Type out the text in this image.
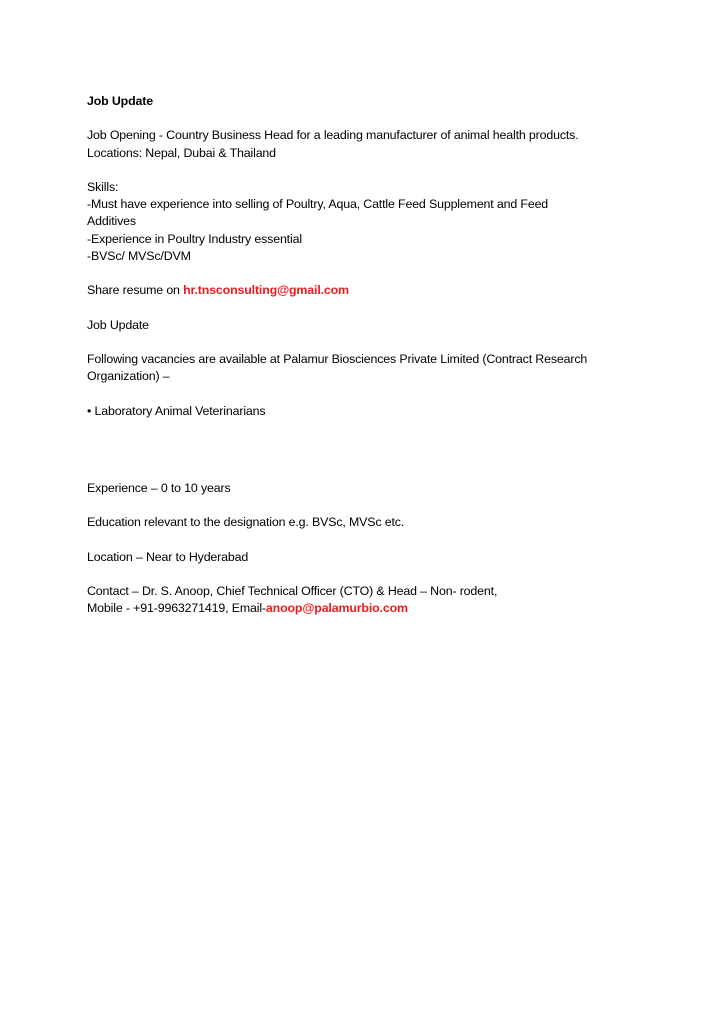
Job Update
Job Opening - Country Business Head for a leading manufacturer of animal health products.
Locations: Nepal, Dubai & Thailand
Skills:
-Must have experience into selling of Poultry, Aqua, Cattle Feed Supplement and Feed
Additives
-Experience in Poultry Industry essential
-BVSc/ MVSc/DVM
Share resume on hr.tnsconsulting@gmail.com
Job Update
Following vacancies are available at Palamur Biosciences Private Limited (Contract Research
Organization) –
• Laboratory Animal Veterinarians
Experience – 0 to 10 years
Education relevant to the designation e.g. BVSc, MVSc etc.
Location – Near to Hyderabad
Contact – Dr. S. Anoop, Chief Technical Officer (CTO) & Head – Non- rodent,
Mobile - +91-9963271419, Email-anoop@palamurbio.com
